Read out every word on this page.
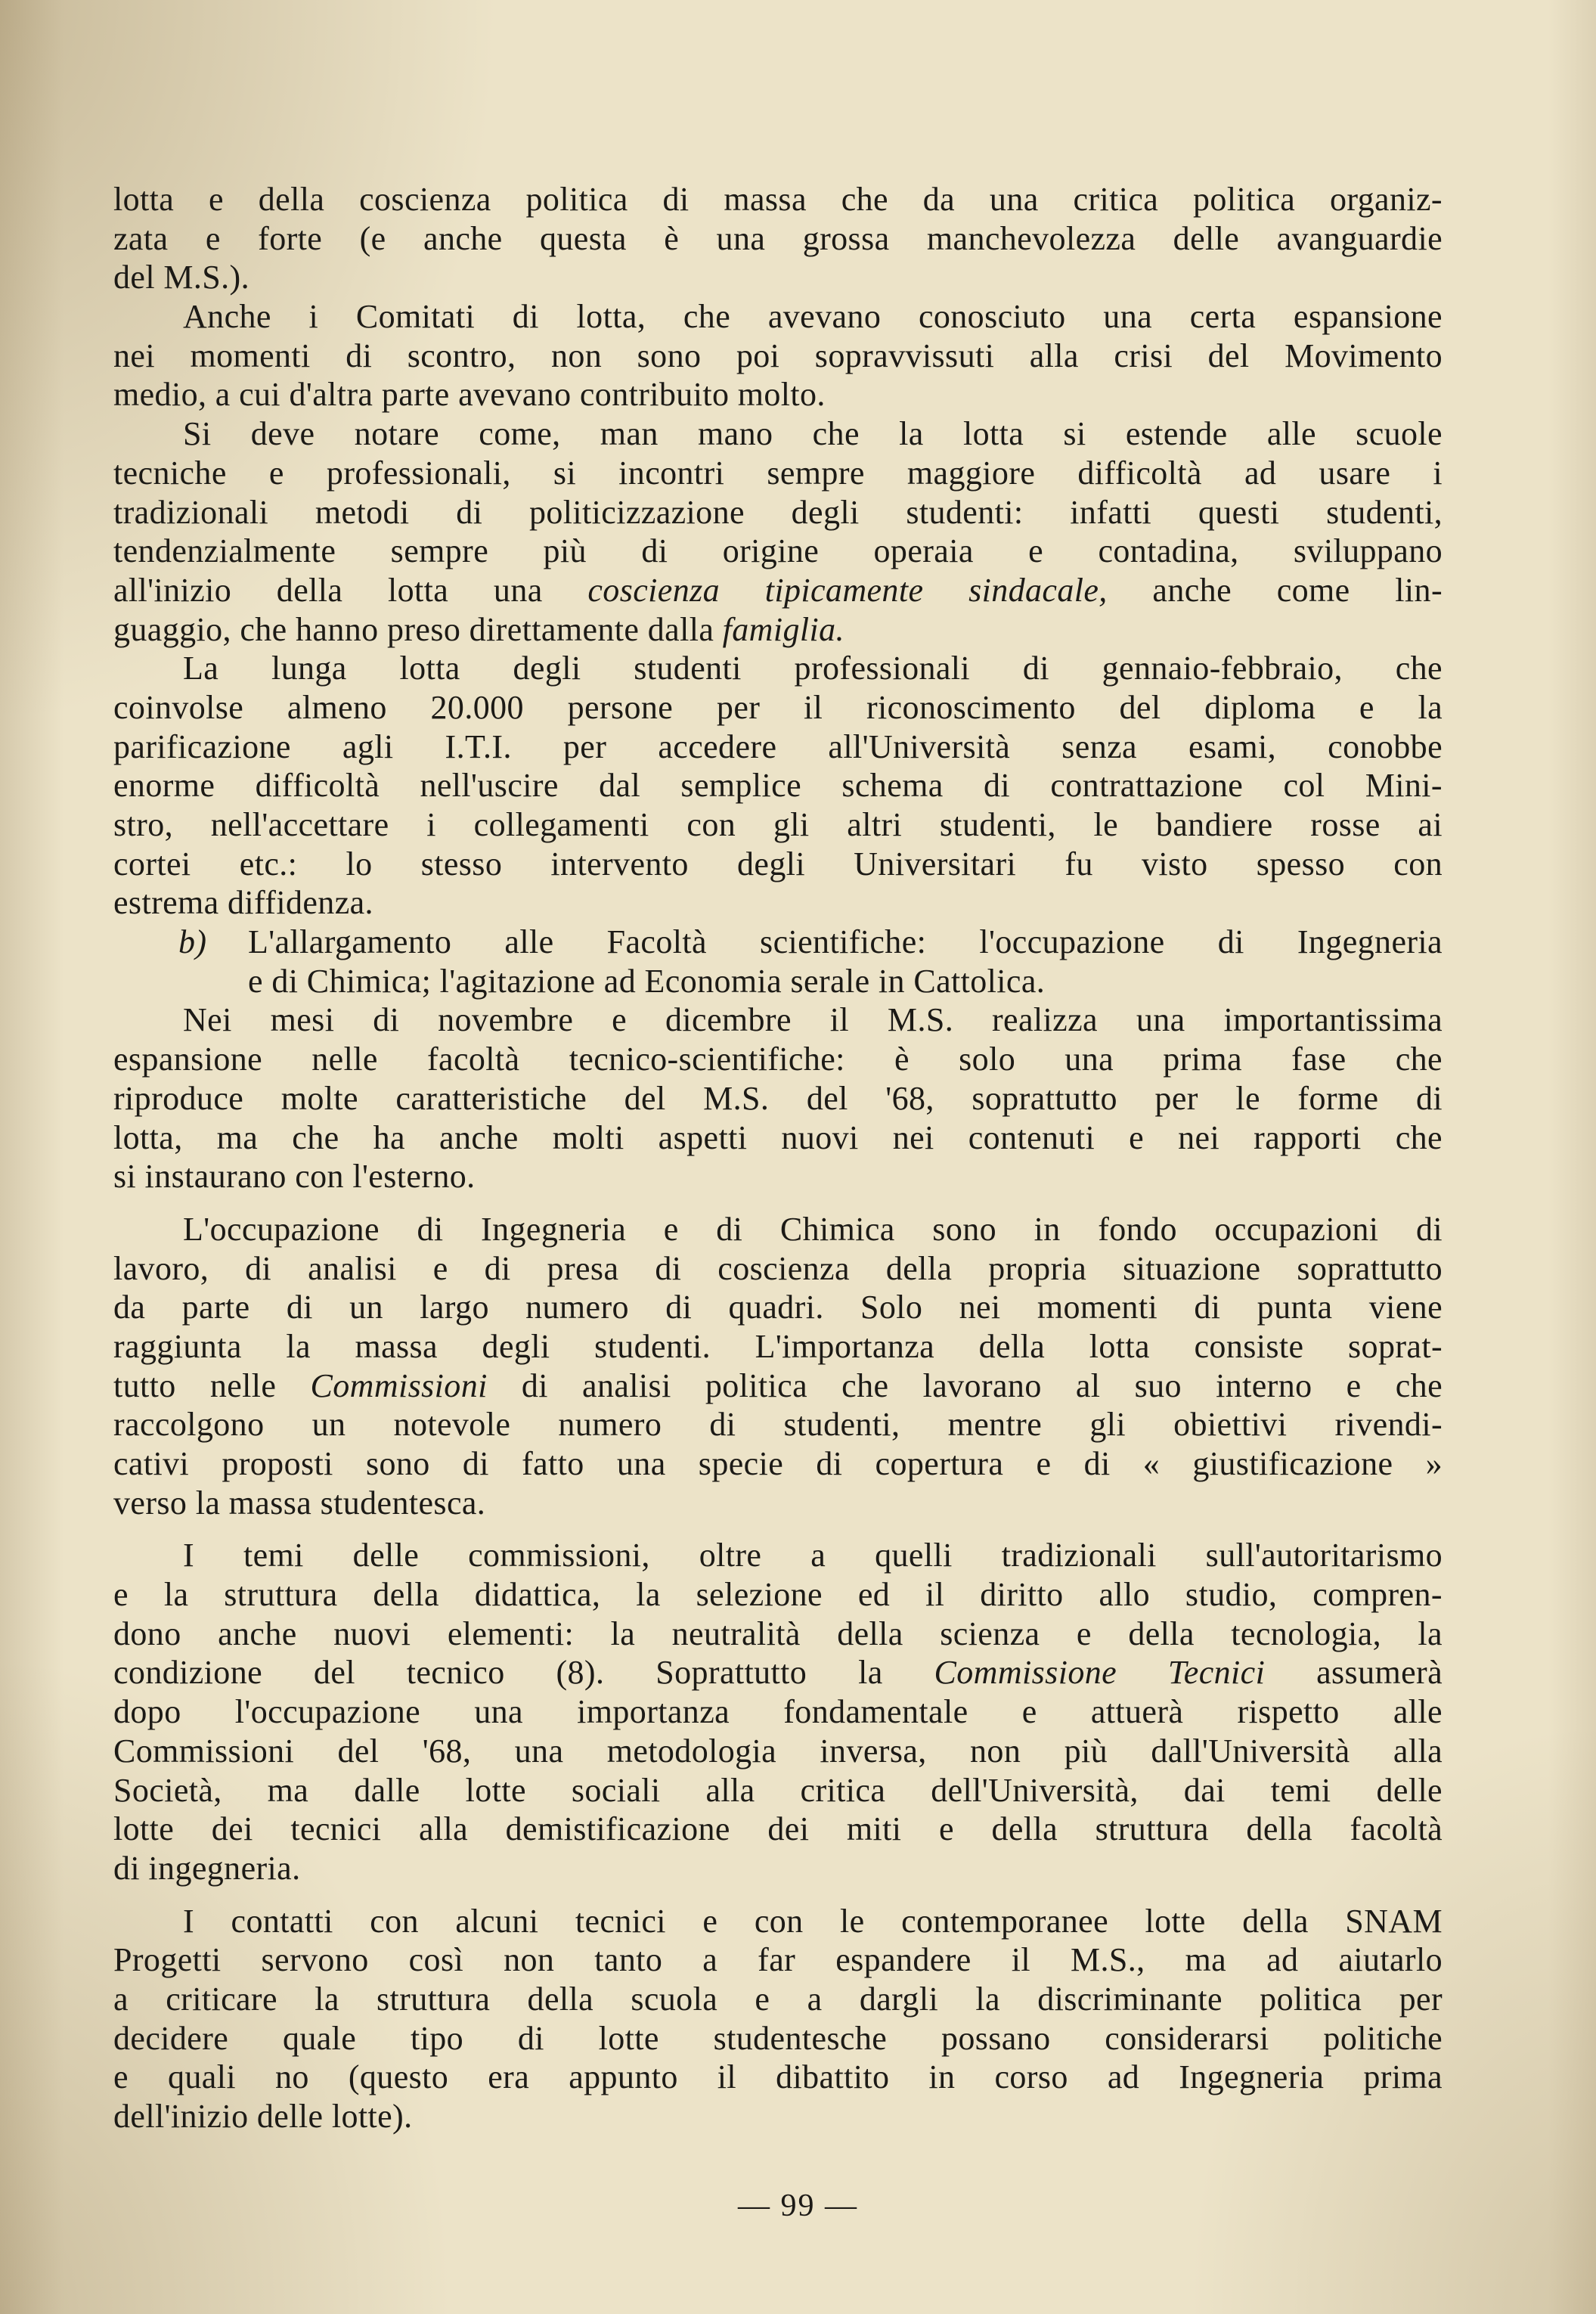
lotta e della coscienza politica di massa che da una critica politica organiz-
zata e forte (e anche questa è una grossa manchevolezza delle avanguardie
del M.S.).
Anche i Comitati di lotta, che avevano conosciuto una certa espansione
nei momenti di scontro, non sono poi sopravvissuti alla crisi del Movimento
medio, a cui d'altra parte avevano contribuito molto.
Si deve notare come, man mano che la lotta si estende alle scuole
tecniche e professionali, si incontri sempre maggiore difficoltà ad usare i
tradizionali metodi di politicizzazione degli studenti: infatti questi studenti,
tendenzialmente sempre più di origine operaia e contadina, sviluppano
all'inizio della lotta una coscienza tipicamente sindacale, anche come lin-
guaggio, che hanno preso direttamente dalla famiglia.
La lunga lotta degli studenti professionali di gennaio-febbraio, che
coinvolse almeno 20.000 persone per il riconoscimento del diploma e la
parificazione agli I.T.I. per accedere all'Università senza esami, conobbe
enorme difficoltà nell'uscire dal semplice schema di contrattazione col Mini-
stro, nell'accettare i collegamenti con gli altri studenti, le bandiere rosse ai
cortei etc.: lo stesso intervento degli Universitari fu visto spesso con
estrema diffidenza.
b)	L'allargamento alle Facoltà scientifiche: l'occupazione di Ingegneria
e di Chimica; l'agitazione ad Economia serale in Cattolica.
Nei mesi di novembre e dicembre il M.S. realizza una importantissima
espansione nelle facoltà tecnico-scientifiche: è solo una prima fase che
riproduce molte caratteristiche del M.S. del '68, soprattutto per le forme di
lotta, ma che ha anche molti aspetti nuovi nei contenuti e nei rapporti che
si instaurano con l'esterno.
L'occupazione di Ingegneria e di Chimica sono in fondo occupazioni di
lavoro, di analisi e di presa di coscienza della propria situazione soprattutto
da parte di un largo numero di quadri. Solo nei momenti di punta viene
raggiunta la massa degli studenti. L'importanza della lotta consiste soprat-
tutto nelle Commissioni di analisi politica che lavorano al suo interno e che
raccolgono un notevole numero di studenti, mentre gli obiettivi rivendi-
cativi proposti sono di fatto una specie di copertura e di « giustificazione »
verso la massa studentesca.
I temi delle commissioni, oltre a quelli tradizionali sull'autoritarismo
e la struttura della didattica, la selezione ed il diritto allo studio, compren-
dono anche nuovi elementi: la neutralità della scienza e della tecnologia, la
condizione del tecnico (8). Soprattutto la Commissione Tecnici assumerà
dopo l'occupazione una importanza fondamentale e attuerà rispetto alle
Commissioni del '68, una metodologia inversa, non più dall'Università alla
Società, ma dalle lotte sociali alla critica dell'Università, dai temi delle
lotte dei tecnici alla demistificazione dei miti e della struttura della facoltà
di ingegneria.
I contatti con alcuni tecnici e con le contemporanee lotte della SNAM
Progetti servono così non tanto a far espandere il M.S., ma ad aiutarlo
a criticare la struttura della scuola e a dargli la discriminante politica per
decidere quale tipo di lotte studentesche possano considerarsi politiche
e quali no (questo era appunto il dibattito in corso ad Ingegneria prima
dell'inizio delle lotte).
— 99 —
